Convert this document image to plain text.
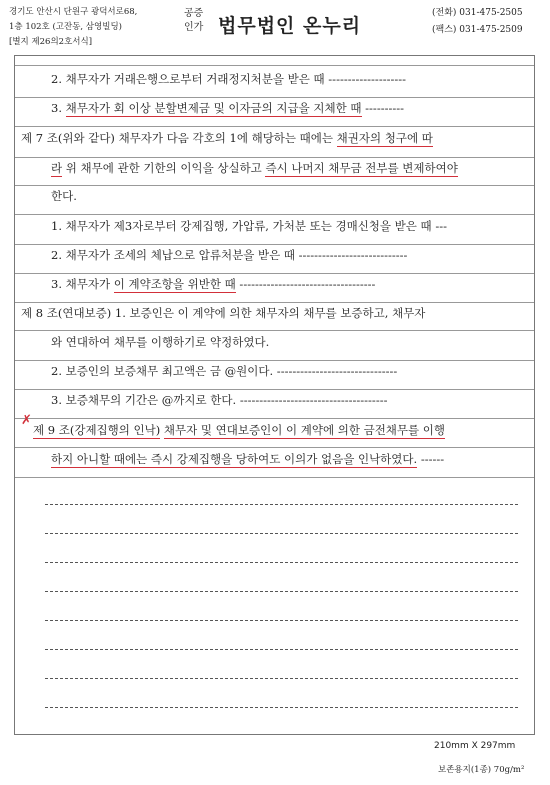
경기도 안산시 단원구 광덕서로68,
1층 102호 (고잔동, 삼영빌딩)
[별지 제26의2호서식]
공증
인가 법무법인 온누리
(전화) 031-475-2505
(팩스) 031-475-2509
2. 채무자가 거래은행으로부터 거래정지처분을 받은 때 --------------------
3. 채무자가 회 이상 분할변제금 및 이자금의 지급을 지체한 때 ----------
제 7 조(위와 같다) 채무자가 다음 각호의 1에 해당하는 때에는 채권자의 청구에 따
라 위 채무에 관한 기한의 이익을 상실하고 즉시 나머지 채무금 전부를 변제하여야
한다.
1. 채무자가 제3자로부터 강제집행, 가압류, 가처분 또는 경매신청을 받은 때 ---
2. 채무자가 조세의 체납으로 압류처분을 받은 때 ----------------------------
3. 채무자가 이 계약조항을 위반한 때 -----------------------------------
제 8 조(연대보증) 1. 보증인은 이 계약에 의한 채무자의 채무를 보증하고, 채무자
와 연대하여 채무를 이행하기로 약정하였다.
2. 보증인의 보증채무 최고액은 금 @원이다. -------------------------------
3. 보증채무의 기간은 @까지로 한다. --------------------------------------
✗
제 9 조(강제집행의 인낙) 채무자 및 연대보증인이 이 계약에 의한 금전채무를 이행
하지 아니할 때에는 즉시 강제집행을 당하여도 이의가 없음을 인낙하였다. ------
210mm X 297mm
보존용지(1종) 70g/m²
